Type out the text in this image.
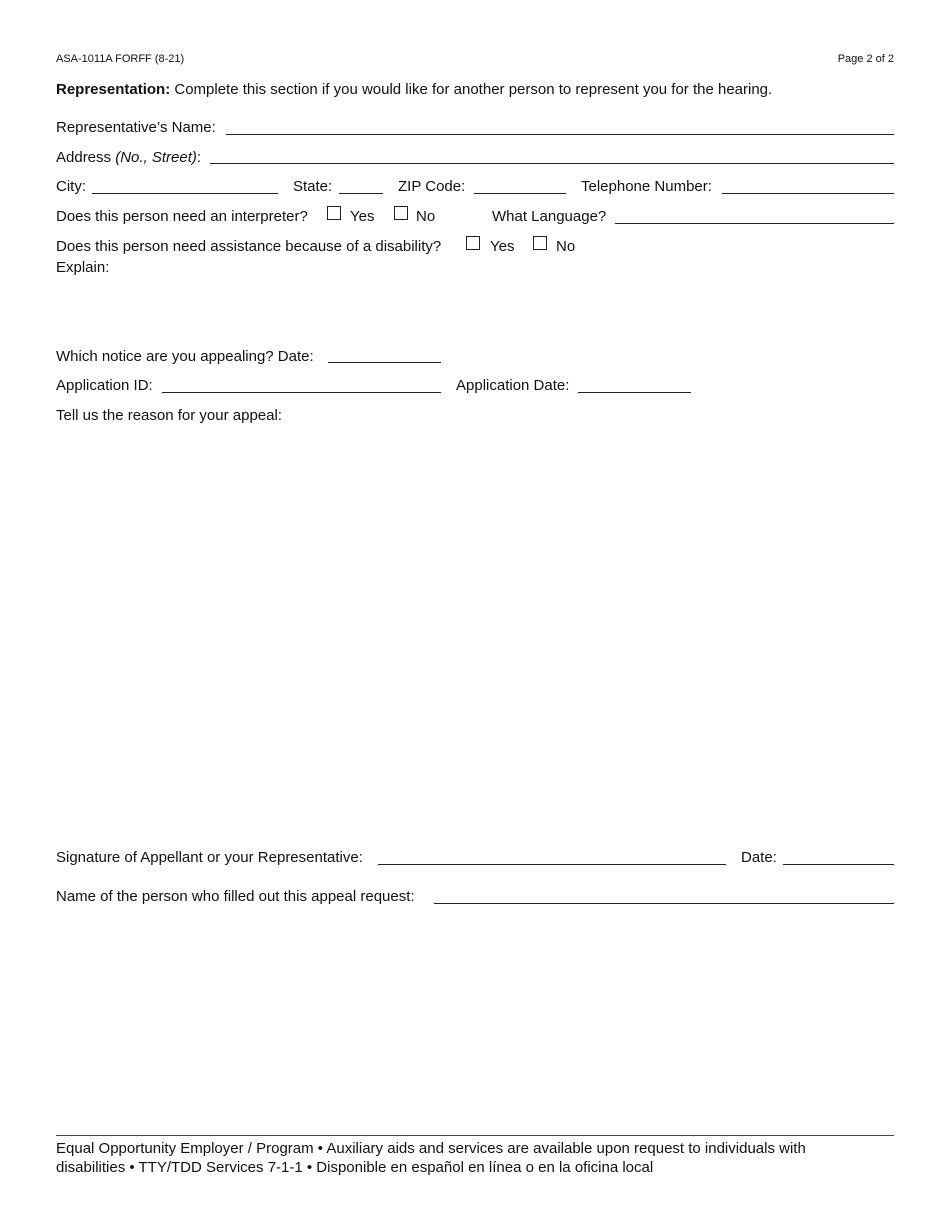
ASA-1011A FORFF (8-21)	Page 2 of 2
Representation: Complete this section if you would like for another person to represent you for the hearing.
Representative’s Name:
Address (No., Street):
City:	State:	ZIP Code:	Telephone Number:
Does this person need an interpreter?	Yes	No	What Language?
Does this person need assistance because of a disability?	Yes	No
Explain:
Which notice are you appealing? Date:
Application ID:	Application Date:
Tell us the reason for your appeal:
Signature of Appellant or your Representative:	Date:
Name of the person who filled out this appeal request:
Equal Opportunity Employer / Program • Auxiliary aids and services are available upon request to individuals with
disabilities • TTY/TDD Services 7-1-1 • Disponible en español en línea o en la oficina local
